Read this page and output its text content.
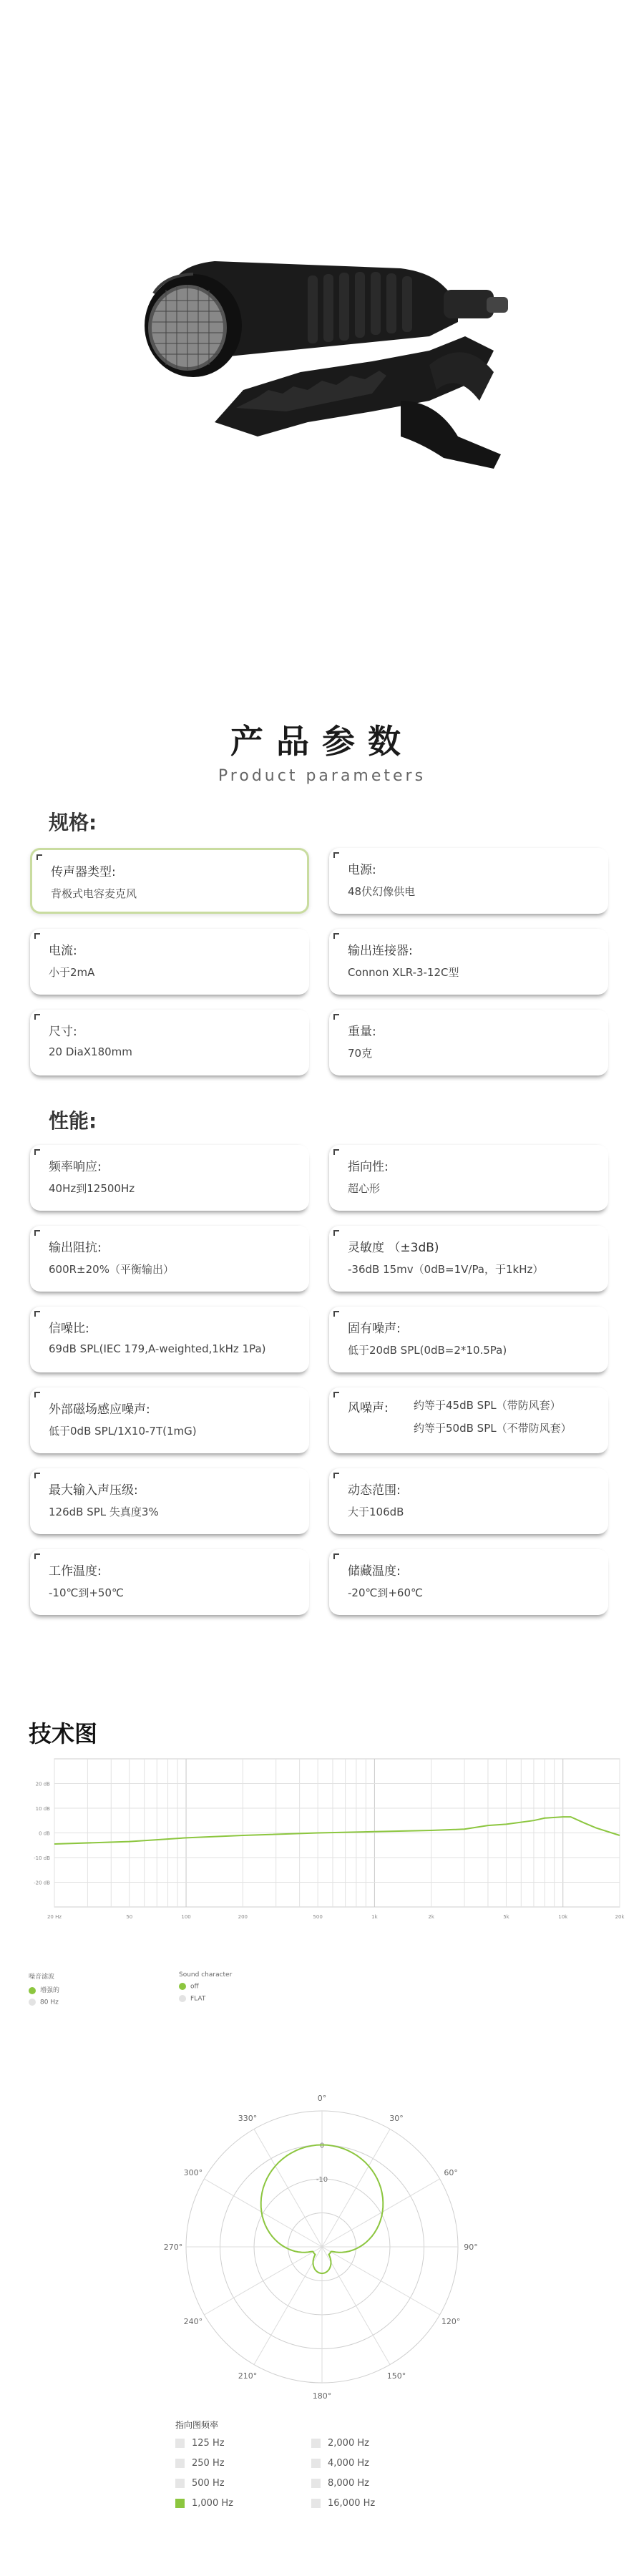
产品参数
Product parameters
规格:
传声器类型:
背极式电容麦克风
电源:
48伏幻像供电
电流:
小于2mA
输出连接器:
Connon XLR-3-12C型
尺寸:
20 DiaX180mm
重量:
70克
性能:
频率响应:
40Hz到12500Hz
指向性:
超心形
输出阻抗:
600R±20%（平衡输出）
灵敏度 （±3dB)
-36dB 15mv（0dB=1V/Pa，于1kHz）
信噪比:
69dB SPL(IEC 179,A-weighted,1kHz 1Pa)
固有噪声:
低于20dB SPL(0dB=2*10.5Pa)
外部磁场感应噪声:
低于0dB SPL/1X10-7T(1mG)
风噪声: 约等于45dB SPL（带防风套）
约等于50dB SPL（不带防风套）
最大输入声压级:
126dB SPL 失真度3%
动态范围:
大于106dB
工作温度:
-10℃到+50℃
储藏温度:
-20℃到+60℃
技术图
20 dB
10 dB
0 dB
-10 dB
-20 dB
20 Hz	50	100	200	500	1k	2k	5k	10k	20k
噪音滤波
增强的
80 Hz
Sound character
off
FLAT
0°
30°
60°
90°
120°
150°
180°
210°
240°
270°
300°
330°
0
-10
指向图频率
125 Hz	2,000 Hz
250 Hz	4,000 Hz
500 Hz	8,000 Hz
1,000 Hz	16,000 Hz
